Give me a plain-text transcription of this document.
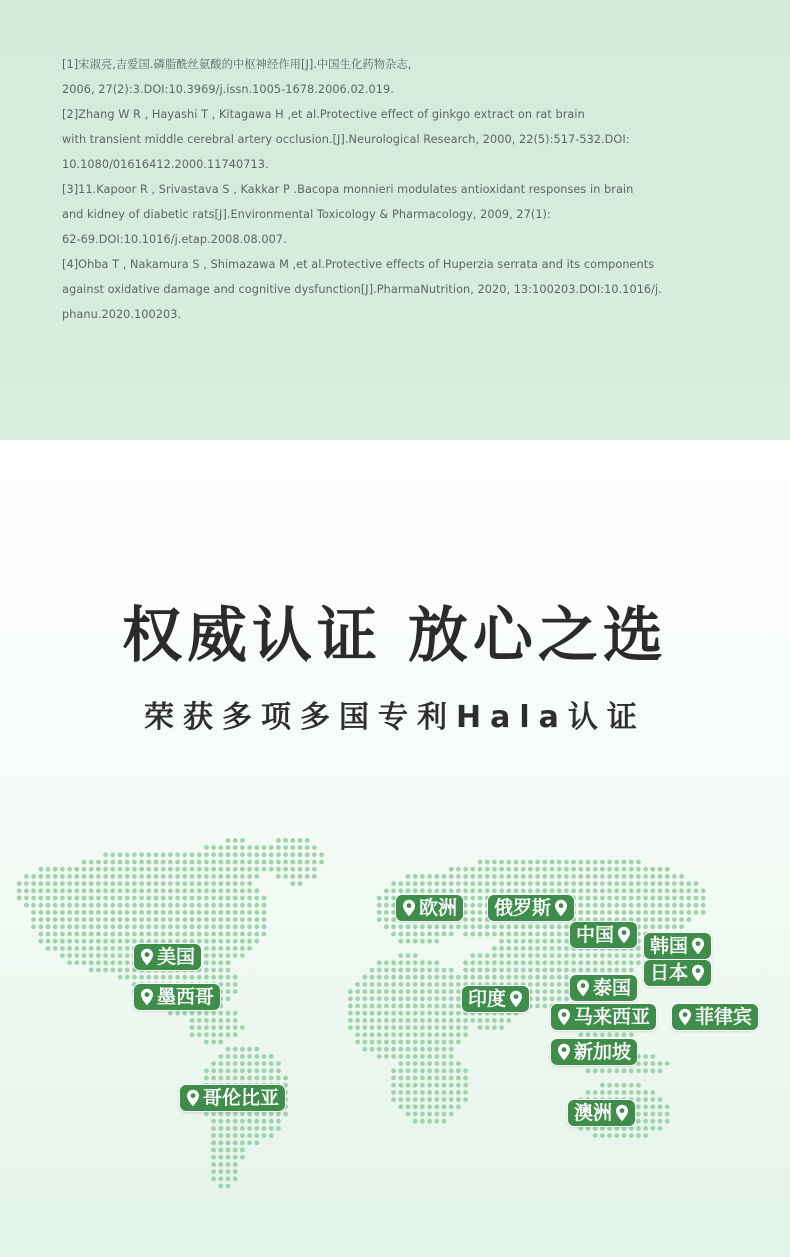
[1]宋淑亮,吉爱国.磷脂酰丝氨酸的中枢神经作用[J].中国生化药物杂志,
2006, 27(2):3.DOI:10.3969/j.issn.1005-1678.2006.02.019.
[2]Zhang W R , Hayashi T , Kitagawa H ,et al.Protective effect of ginkgo extract on rat brain
with transient middle cerebral artery occlusion.[J].Neurological Research, 2000, 22(5):517-532.DOI:
10.1080/01616412.2000.11740713.
[3]11.Kapoor R , Srivastava S , Kakkar P .Bacopa monnieri modulates antioxidant responses in brain
and kidney of diabetic rats[J].Environmental Toxicology & Pharmacology, 2009, 27(1):
62-69.DOI:10.1016/j.etap.2008.08.007.
[4]Ohba T , Nakamura S , Shimazawa M ,et al.Protective effects of Huperzia serrata and its components
against oxidative damage and cognitive dysfunction[J].PharmaNutrition, 2020, 13:100203.DOI:10.1016/j.
phanu.2020.100203.
权威认证 放心之选
荣获多项多国专利Hala认证
美国
墨西哥
哥伦比亚
欧洲 俄罗斯
中国 韩国
日本
印度	泰国
马来西亚 菲律宾
新加坡
澳洲
